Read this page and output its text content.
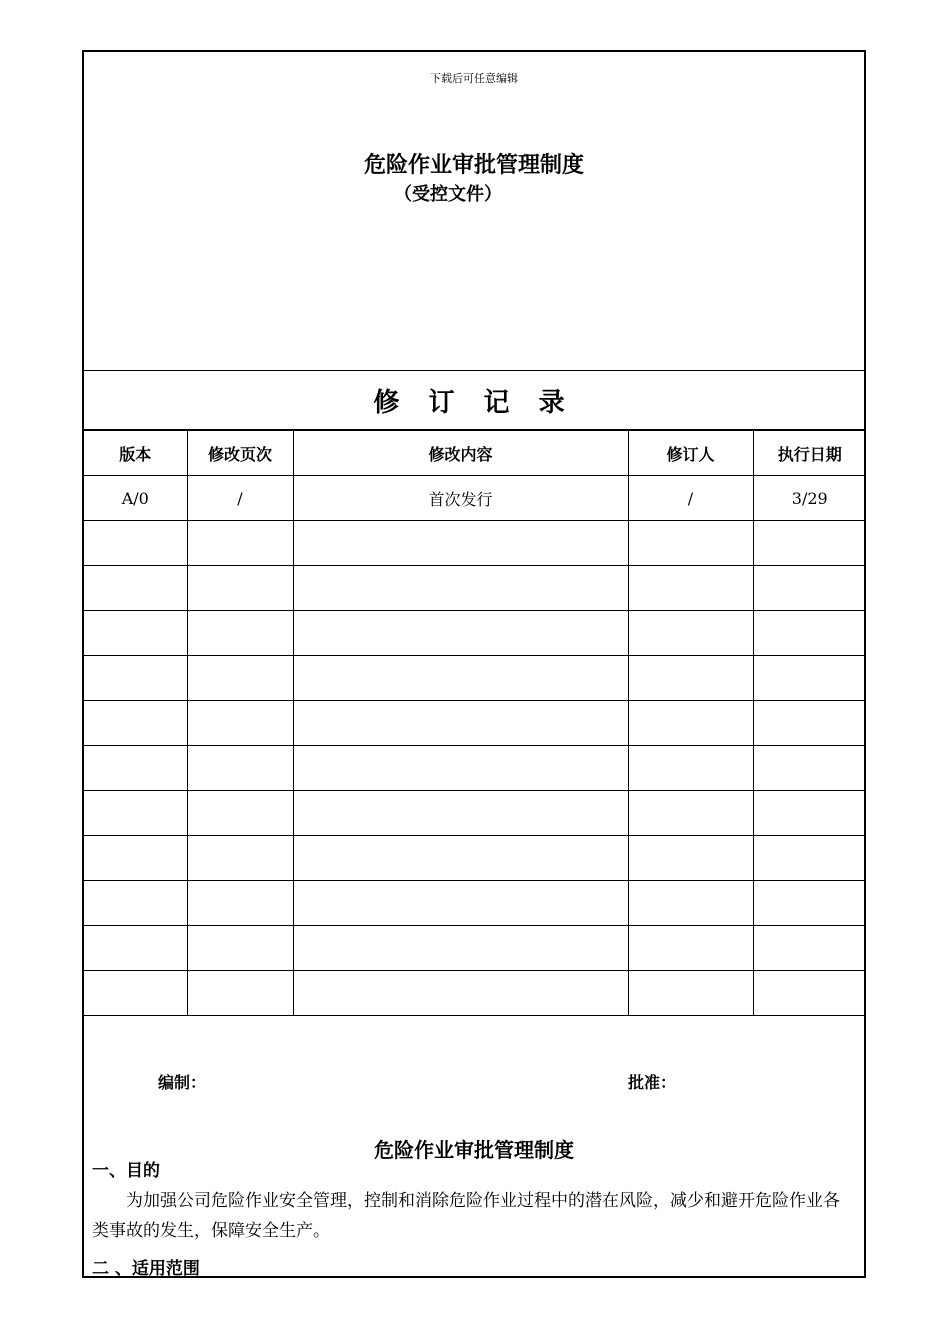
下载后可任意编辑
危险作业审批管理制度
（受控文件）
修 订 记 录
版本	修改页次	修改内容	修订人	执行日期
A/0	/	首次发行	/	3/29

编制：	批准：
危险作业审批管理制度
一、目的

为加强公司危险作业安全管理，控制和消除危险作业过程中的潜在风险，减少和避开危险作业各类事故的发生，保障安全生产。

二 、适用范围
